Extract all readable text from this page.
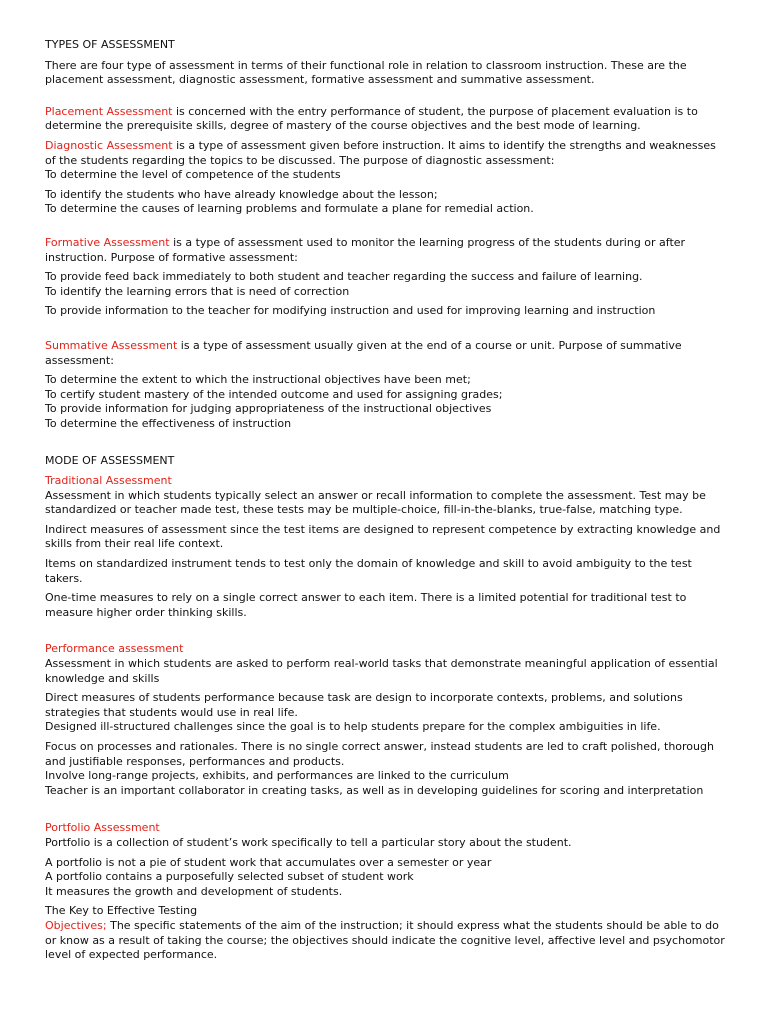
TYPES OF ASSESSMENT

There are four type of assessment in terms of their functional role in relation to classroom instruction. These are the placement assessment, diagnostic assessment, formative assessment and summative assessment.

Placement Assessment is concerned with the entry performance of student, the purpose of placement evaluation is to determine the prerequisite skills, degree of mastery of the course objectives and the best mode of learning.

Diagnostic Assessment is a type of assessment given before instruction. It aims to identify the strengths and weaknesses of the students regarding the topics to be discussed. The purpose of diagnostic assessment:

To determine the level of competence of the students

To identify the students who have already knowledge about the lesson;

To determine the causes of learning problems and formulate a plane for remedial action.

Formative Assessment is a type of assessment used to monitor the learning progress of the students during or after instruction. Purpose of formative assessment:

To provide feed back immediately to both student and teacher regarding the success and failure of learning.

To identify the learning errors that is need of correction

To provide information to the teacher for modifying instruction and used for improving learning and instruction

Summative Assessment is a type of assessment usually given at the end of a course or unit. Purpose of summative assessment:

To determine the extent to which the instructional objectives have been met;

To certify student mastery of the intended outcome and used for assigning grades;

To provide information for judging appropriateness of the instructional objectives

To determine the effectiveness of instruction

MODE OF ASSESSMENT

Traditional Assessment

Assessment in which students typically select an answer or recall information to complete the assessment. Test may be standardized or teacher made test, these tests may be multiple-choice, fill-in-the-blanks, true-false, matching type.

Indirect measures of assessment since the test items are designed to represent competence by extracting knowledge and skills from their real life context.

Items on standardized instrument tends to test only the domain of knowledge and skill to avoid ambiguity to the test takers.

One-time measures to rely on a single correct answer to each item. There is a limited potential for traditional test to measure higher order thinking skills.

Performance assessment

Assessment in which students are asked to perform real-world tasks that demonstrate meaningful application of essential knowledge and skills

Direct measures of students performance because task are design to incorporate contexts, problems, and solutions strategies that students would use in real life.

Designed ill-structured challenges since the goal is to help students prepare for the complex ambiguities in life.

Focus on processes and rationales. There is no single correct answer, instead students are led to craft polished, thorough and justifiable responses, performances and products.

Involve long-range projects, exhibits, and performances are linked to the curriculum

Teacher is an important collaborator in creating tasks, as well as in developing guidelines for scoring and interpretation

Portfolio Assessment

Portfolio is a collection of student’s work specifically to tell a particular story about the student.

A portfolio is not a pie of student work that accumulates over a semester or year

A portfolio contains a purposefully selected subset of student work

It measures the growth and development of students.

The Key to Effective Testing

Objectives; The specific statements of the aim of the instruction; it should express what the students should be able to do or know as a result of taking the course; the objectives should indicate the cognitive level, affective level and psychomotor level of expected performance.
